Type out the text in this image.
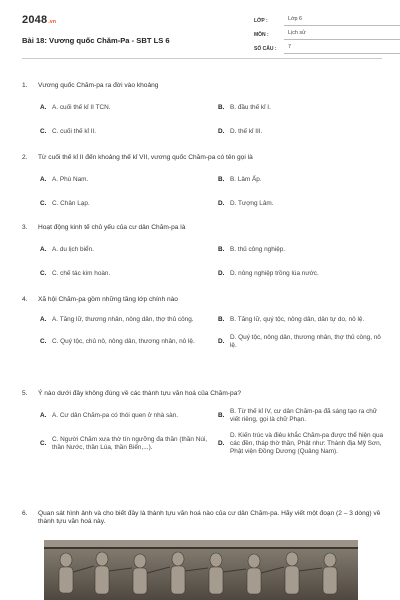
2048.vn
Bài 18: Vương quốc Chăm-Pa - SBT LS 6
LỚP :	Lớp 6
MÔN :	Lịch sử
SỐ CÂU :	7
1.	Vương quốc Chăm-pa ra đời vào khoảng
A. A. cuối thế kỉ II TCN.	B. B. đầu thế kỉ I.
C. C. cuối thế kỉ II.	D. D. thế kỉ III.
2.	Từ cuối thế kỉ II đến khoảng thế kỉ VII, vương quốc Chăm-pa có tên gọi là
A. A. Phù Nam.	B. B. Lâm Ấp.
C. C. Chân Lạp.	D. D. Tượng Lâm.
3.	Hoạt động kinh tế chủ yếu của cư dân Chăm-pa là
A. A. du lịch biển.	B. B. thủ công nghiệp.
C. C. chế tác kim hoàn.	D. D. nông nghiệp trồng lúa nước.
4.	Xã hội Chăm-pa gồm những tầng lớp chính nào
A. A. Tăng lữ, thương nhân, nông dân, thợ thủ công.	B. B. Tăng lữ, quý tộc, nông dân, dân tự do, nô lệ.
C. C. Quý tộc, chủ nô, nông dân, thương nhân, nô lệ.	D.
D. Quý tộc, nông dân, thương nhân, thợ thủ công, nô lệ.
5.	Ý nào dưới đây không đúng về các thành tựu văn hoá của Chăm-pa?
A. A. Cư dân Chăm-pa có thói quen ở nhà sàn.	B.
B. Từ thế kỉ IV, cư dân Chăm-pa đã sáng tạo ra chữ viết riêng, gọi là chữ Phạn.
C.
C. Người Chăm xưa thờ tín ngưỡng đa thần (thần Núi, thần Nước, thần Lúa, thần Biển,...).
D.
D. Kiến trúc và điêu khắc Chăm-pa được thể hiện qua các đền, tháp thờ thần, Phật như: Thánh địa Mỹ Sơn, Phật viện Đồng Dương (Quảng Nam).
6.	Quan sát hình ảnh và cho biết đây là thành tựu văn hoá nào của cư dân Chăm-pa. Hãy viết một đoạn (2 – 3 dòng) về thành tựu văn hoá này.
